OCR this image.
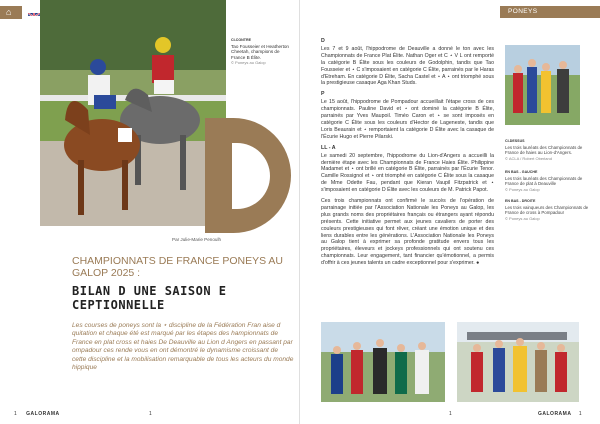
⌂
CI-CONTRE
Tao Fousseier et Heatherton Cheetah, champions de France B Élite.
© Poneys au Galop
Par Julie-Marie Penoulh
CHAMPIONNATS DE FRANCE PONEYS AU GALOP 2025 :
BILAN D UNE SAISON E CEPTIONNELLE
Les courses de poneys sont la ⋆ discipline de la Fédération Fran aise d quitation et chaque été est marqué par les étapes des hampionnats de France en plat cross et haies De Deauville au Lion d Angers en passant par ompadour ces rende vous en ont démontré le dynamisme croissant de cette discipline et la mobilisation remarquable de tous les acteurs du monde hippique
1 GALORAMA	1
PONEYS

D

Les 7 et 9 août, l'hippodrome de Deauville a donné le ton avec les Championnats de France Plat Élite. Nathan Oger et C ⋆ V L ont remporté la catégorie B Élite sous les couleurs de Godolphin, tandis que Tao Fousseier et ⋆ C s'imposaient en catégorie C Élite, parrainés par le Haras d'Etreham. En catégorie D Élite, Sacha Castel et ⋆ A ⋆ ont triomphé sous la prestigieuse casaque Aga Khan Studs.

P

Le 15 août, l'hippodrome de Pompadour accueillait l'étape cross de ces championnats. Pauline David et ⋆ ont dominé la catégorie B Élite, parrainés par Yves Maupoil. Timéo Caron et ⋆ se sont imposés en catégorie C Élite sous les couleurs d'Hector de Lageneste, tandis que Loris Beaurain et ⋆ remportaient la catégorie D Élite avec la casaque de l'Écurie Hugo et Pierre Pilarski.

LL - A

Le samedi 20 septembre, l'hippodrome du Lion-d'Angers a accueilli la dernière étape avec les Championnats de France Haies Élite. Philippine Madamet et ⋆ ont brillé en catégorie B Élite, parrainés par l'Écurie Tenor. Camille Rossignol et ⋆ ont triomphé en catégorie C Élite sous la casaque de Mme Odette Fau, pendant que Kieran Vaupil Fitzpatrick et ⋆ s'imposaient en catégorie D Élite avec les couleurs de M. Patrick Papot.

Ces trois championnats ont confirmé le succès de l'opération de parrainage initiée par l'Association Nationale les Poneys au Galop, les plus grands noms des propriétaires français ou étrangers ayant répondu présents. Cette initiative permet aux jeunes cavaliers de porter des couleurs prestigieuses qui font rêver, créant une émotion unique et des liens durables entre les générations. L'Association Nationale les Poneys au Galop tient à exprimer sa profonde gratitude envers tous les propriétaires, éleveurs et jockeys professionnels qui ont soutenu ces championnats. Leur engagement, tant financier qu'émotionnel, a permis d'offrir à ces jeunes talents un cadre exceptionnel pour s'exprimer. ●

CI-DESSUS
Les trois lauréats des Championnats de France de haies au Lion-d'Angers.
© ACLA / Robert Oberland
EN BAS - GAUCHE
Les trois lauréats des Championnats de France de plat à Deauville
© Poneys au Galop
EN BAS - DROITE
Les trois vainqueurs des Championnats de France de cross à Pompadour
© Poneys au Galop
1	GALORAMA 1
